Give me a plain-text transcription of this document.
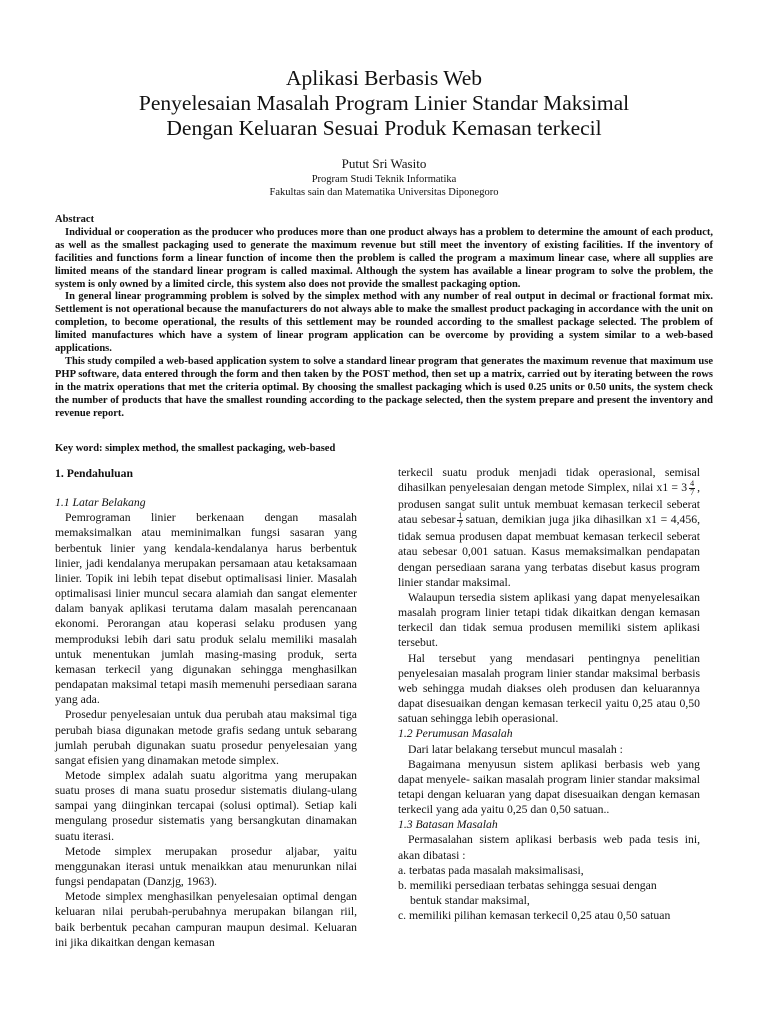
Aplikasi Berbasis Web
Penyelesaian Masalah Program Linier Standar Maksimal
Dengan Keluaran Sesuai Produk Kemasan terkecil
Putut Sri Wasito
Program Studi Teknik Informatika
Fakultas sain dan Matematika Universitas Diponegoro

Abstract

Individual or cooperation as the producer who produces more than one product always has a problem to determine the amount of each product, as well as the smallest packaging used to generate the maximum revenue but still meet the inventory of existing facilities. If the inventory of facilities and functions form a linear function of income then the problem is called the program a maximum linear case, where all supplies are limited means of the standard linear program is called maximal. Although the system has available a linear program to solve the problem, the system is only owned by a limited circle, this system also does not provide the smallest packaging option.

In general linear programming problem is solved by the simplex method with any number of real output in decimal or fractional format mix. Settlement is not operational because the manufacturers do not always able to make the smallest product packaging in accordance with the unit on completion, to become operational, the results of this settlement may be rounded according to the smallest package selected. The problem of limited manufactures which have a system of linear program application can be overcome by providing a system similar to a web-based applications.

This study compiled a web-based application system to solve a standard linear program that generates the maximum revenue that maximum use PHP software, data entered through the form and then taken by the POST method, then set up a matrix, carried out by iterating between the rows in the matrix operations that met the criteria optimal. By choosing the smallest packaging which is used 0.25 units or 0.50 units, the system check the number of products that have the smallest rounding according to the package selected, then the system prepare and present the inventory and revenue report.

Key word: simplex method, the smallest packaging, web-based

1. Pendahuluan

1.1 Latar Belakang

Pemrograman linier berkenaan dengan masalah memaksimalkan atau meminimalkan fungsi sasaran yang berbentuk linier yang kendala-kendalanya harus berbentuk linier, jadi kendalanya merupakan persamaan atau ketaksamaan linier. Topik ini lebih tepat disebut optimalisasi linier. Masalah optimalisasi linier muncul secara alamiah dan sangat elementer dalam banyak aplikasi terutama dalam masalah perencanaan ekonomi. Perorangan atau koperasi selaku produsen yang memproduksi lebih dari satu produk selalu memiliki masalah untuk menentukan jumlah masing-masing produk, serta kemasan terkecil yang digunakan sehingga menghasilkan pendapatan maksimal tetapi masih memenuhi persediaan sarana yang ada.

Prosedur penyelesaian untuk dua perubah atau maksimal tiga perubah biasa digunakan metode grafis sedang untuk sebarang jumlah perubah digunakan suatu prosedur penyelesaian yang sangat efisien yang dinamakan metode simplex.

Metode simplex adalah suatu algoritma yang merupakan suatu proses di mana suatu prosedur sistematis diulang-ulang sampai yang diinginkan tercapai (solusi optimal). Setiap kali mengulang prosedur sistematis yang bersangkutan dinamakan suatu iterasi.

Metode simplex merupakan prosedur aljabar, yaitu menggunakan iterasi untuk menaikkan atau menurunkan nilai fungsi pendapatan (Danzjg, 1963).

Metode simplex menghasilkan penyelesaian optimal dengan keluaran nilai perubah-perubahnya merupakan bilangan riil, baik berbentuk pecahan campuran maupun desimal. Keluaran ini jika dikaitkan dengan kemasan

terkecil suatu produk menjadi tidak operasional, semisal dihasilkan penyelesaian dengan metode Simplex, nilai $x1 = 3 \frac{4}{7}$ , produsen sangat sulit untuk membuat kemasan terkecil seberat atau sebesar $\frac{1}{7}$ satuan, demikian juga jika dihasilkan x1 = 4,456, tidak semua produsen dapat membuat kemasan terkecil seberat atau sebesar 0,001 satuan. Kasus memaksimalkan pendapatan dengan persediaan sarana yang terbatas disebut kasus program linier standar maksimal.

Walaupun tersedia sistem aplikasi yang dapat menyelesaikan masalah program linier tetapi tidak dikaitkan dengan kemasan terkecil dan tidak semua produsen memiliki sistem aplikasi tersebut.

Hal tersebut yang mendasari pentingnya penelitian penyelesaian masalah program linier standar maksimal berbasis web sehingga mudah diakses oleh produsen dan keluarannya dapat disesuaikan dengan kemasan terkecil yaitu 0,25 atau 0,50 satuan sehingga lebih operasional.

1.2 Perumusan Masalah

Dari latar belakang tersebut muncul masalah :

Bagaimana menyusun sistem aplikasi berbasis web yang dapat menyele- saikan masalah program linier standar maksimal tetapi dengan keluaran yang dapat disesuaikan dengan kemasan terkecil yang ada yaitu 0,25 dan 0,50 satuan..

1.3 Batasan Masalah

Permasalahan sistem aplikasi berbasis web pada tesis ini, akan dibatasi :

a. terbatas pada masalah maksimalisasi,

b. memiliki persediaan terbatas sehingga sesuai dengan

bentuk standar maksimal,

c. memiliki pilihan kemasan terkecil 0,25 atau 0,50 satuan
